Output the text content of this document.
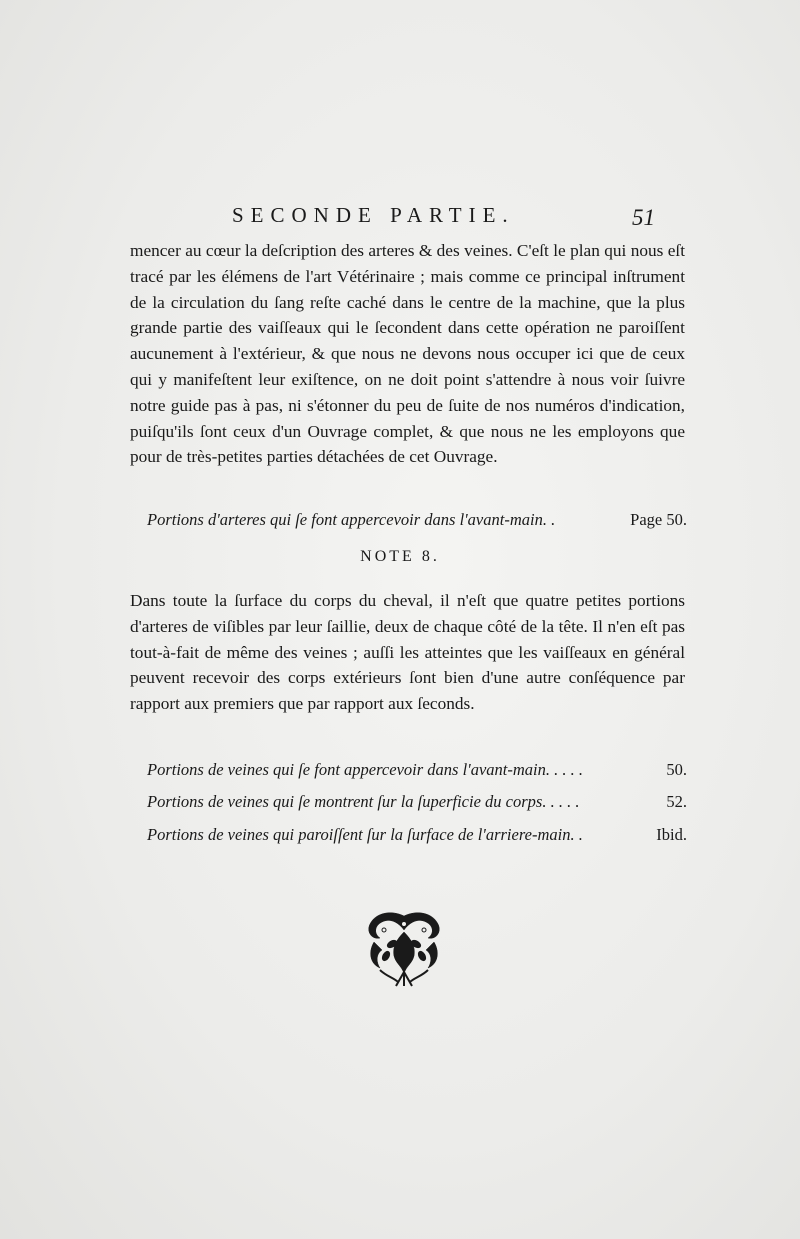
SECONDE PARTIE.	51
mencer au cœur la deſcription des arteres & des veines. C'eſt le plan qui nous eſt tracé par les élémens de l'art Vétérinaire ; mais comme ce principal inſtrument de la circulation du ſang reſte caché dans le centre de la machine, que la plus grande partie des vaiſſeaux qui le ſecondent dans cette opération ne paroiſſent aucunement à l'extérieur, & que nous ne devons nous occuper ici que de ceux qui y manifeſtent leur exiſtence, on ne doit point s'attendre à nous voir ſuivre notre guide pas à pas, ni s'étonner du peu de ſuite de nos numéros d'indication, puiſqu'ils ſont ceux d'un Ouvrage complet, & que nous ne les employons que pour de très-petites parties détachées de cet Ouvrage.
Portions d'arteres qui ſe font appercevoir dans l'avant-main. .	Page 50.
NOTE 8.
Dans toute la ſurface du corps du cheval, il n'eſt que quatre petites portions d'arteres de viſibles par leur ſaillie, deux de chaque côté de la tête. Il n'en eſt pas tout-à-fait de même des veines ; auſſi les atteintes que les vaiſſeaux en général peuvent recevoir des corps extérieurs ſont bien d'une autre conſéquence par rapport aux premiers que par rapport aux ſeconds.
Portions de veines qui ſe font appercevoir dans l'avant-main. . . . .	50.
Portions de veines qui ſe montrent ſur la ſuperficie du corps. . . . .	52.
Portions de veines qui paroiſſent ſur la ſurface de l'arriere-main. .	Ibid.
